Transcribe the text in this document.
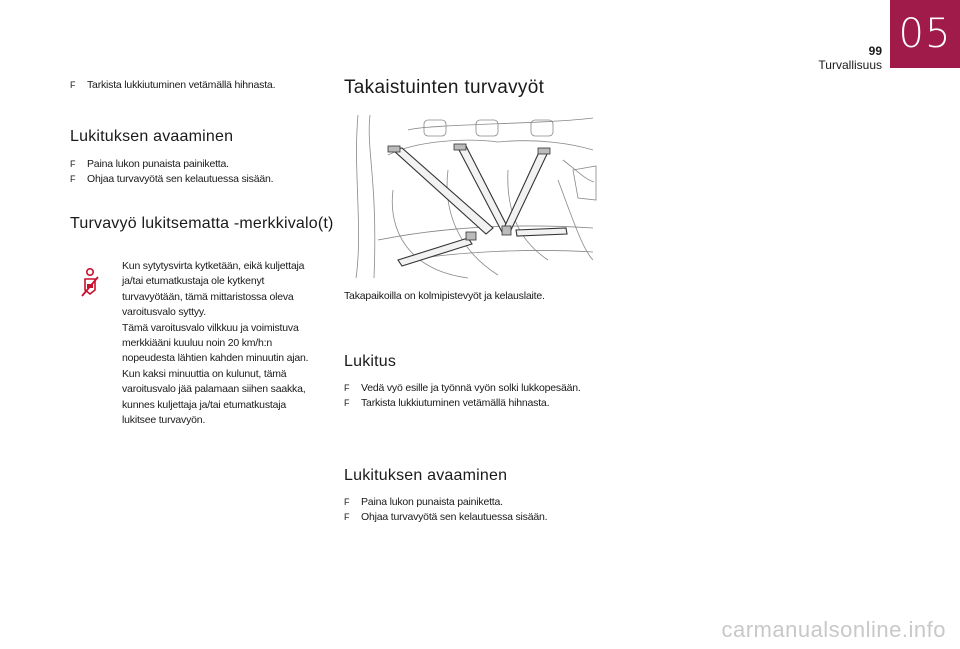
05
99
Turvallisuus
F Tarkista lukkiutuminen vetämällä hihnasta.
Lukituksen avaaminen
F Paina lukon punaista painiketta.
F Ohjaa turvavyötä sen kelautuessa sisään.
Turvavyö lukitsematta -merkkivalo(t)
Kun sytytysvirta kytketään, eikä kuljettaja
ja/tai etumatkustaja ole kytkenyt
turvavyötään, tämä mittaristossa oleva
varoitusvalo syttyy.
Tämä varoitusvalo vilkkuu ja voimistuva
merkkiääni kuuluu noin 20 km/h:n
nopeudesta lähtien kahden minuutin ajan.
Kun kaksi minuuttia on kulunut, tämä
varoitusvalo jää palamaan siihen saakka,
kunnes kuljettaja ja/tai etumatkustaja
lukitsee turvavyön.
Takaistuinten turvavyöt
Takapaikoilla on kolmipistevyöt ja kelauslaite.
Lukitus
F Vedä vyö esille ja työnnä vyön solki lukkopesään.
F Tarkista lukkiutuminen vetämällä hihnasta.
Lukituksen avaaminen
F Paina lukon punaista painiketta.
F Ohjaa turvavyötä sen kelautuessa sisään.
carmanualsonline.info
